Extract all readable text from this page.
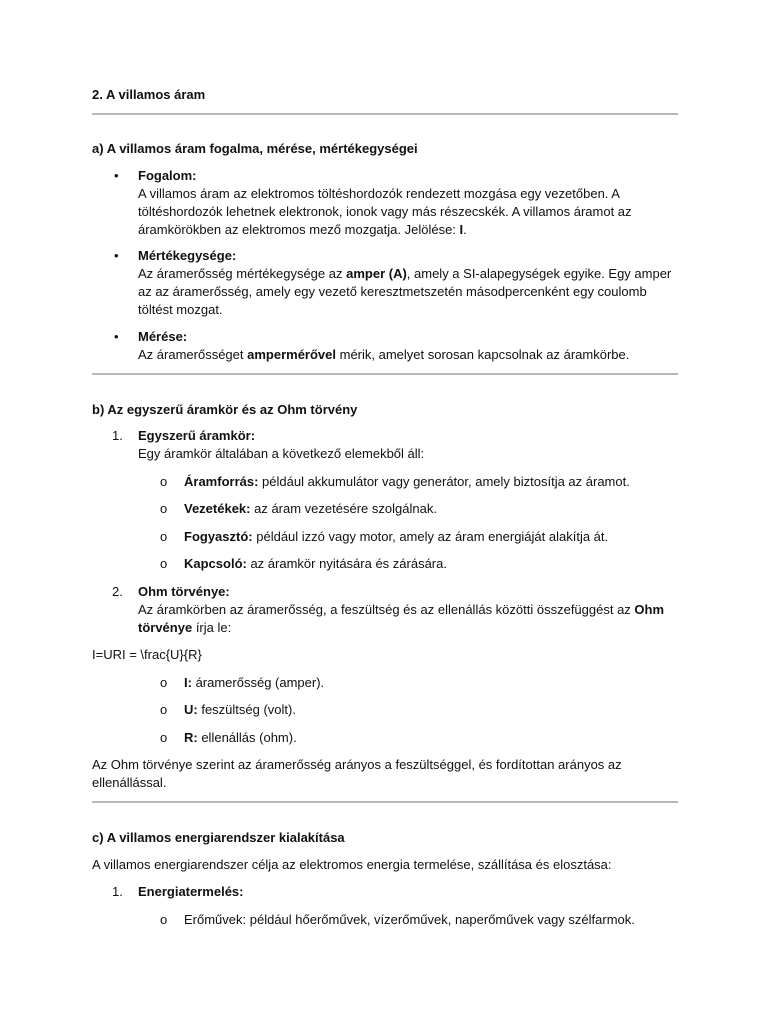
2. A villamos áram
a) A villamos áram fogalma, mérése, mértékegységei
• Fogalom:
A villamos áram az elektromos töltéshordozók rendezett mozgása egy vezetőben. A töltéshordozók lehetnek elektronok, ionok vagy más részecskék. A villamos áramot az áramkörökben az elektromos mező mozgatja. Jelölése: I.
• Mértékegysége:
Az áramerősség mértékegysége az amper (A), amely a SI-alapegységek egyike. Egy amper az az áramerősség, amely egy vezető keresztmetszetén másodpercenként egy coulomb töltést mozgat.
• Mérése:
Az áramerősséget ampermérővel mérik, amelyet sorosan kapcsolnak az áramkörbe.
b) Az egyszerű áramkör és az Ohm törvény
1. Egyszerű áramkör:
Egy áramkör általában a következő elemekből áll:
o Áramforrás: például akkumulátor vagy generátor, amely biztosítja az áramot.
o Vezetékek: az áram vezetésére szolgálnak.
o Fogyasztó: például izzó vagy motor, amely az áram energiáját alakítja át.
o Kapcsoló: az áramkör nyitására és zárására.
2. Ohm törvénye:
Az áramkörben az áramerősség, a feszültség és az ellenállás közötti összefüggést az Ohm törvénye írja le:
I=URI = \frac{U}{R}
o I: áramerősség (amper).
o U: feszültség (volt).
o R: ellenállás (ohm).
Az Ohm törvénye szerint az áramerősség arányos a feszültséggel, és fordítottan arányos az ellenállással.
c) A villamos energiarendszer kialakítása
A villamos energiarendszer célja az elektromos energia termelése, szállítása és elosztása:
1. Energiatermelés:
o Erőművek: például hőerőművek, vízerőművek, naperőművek vagy szélfarmok.
